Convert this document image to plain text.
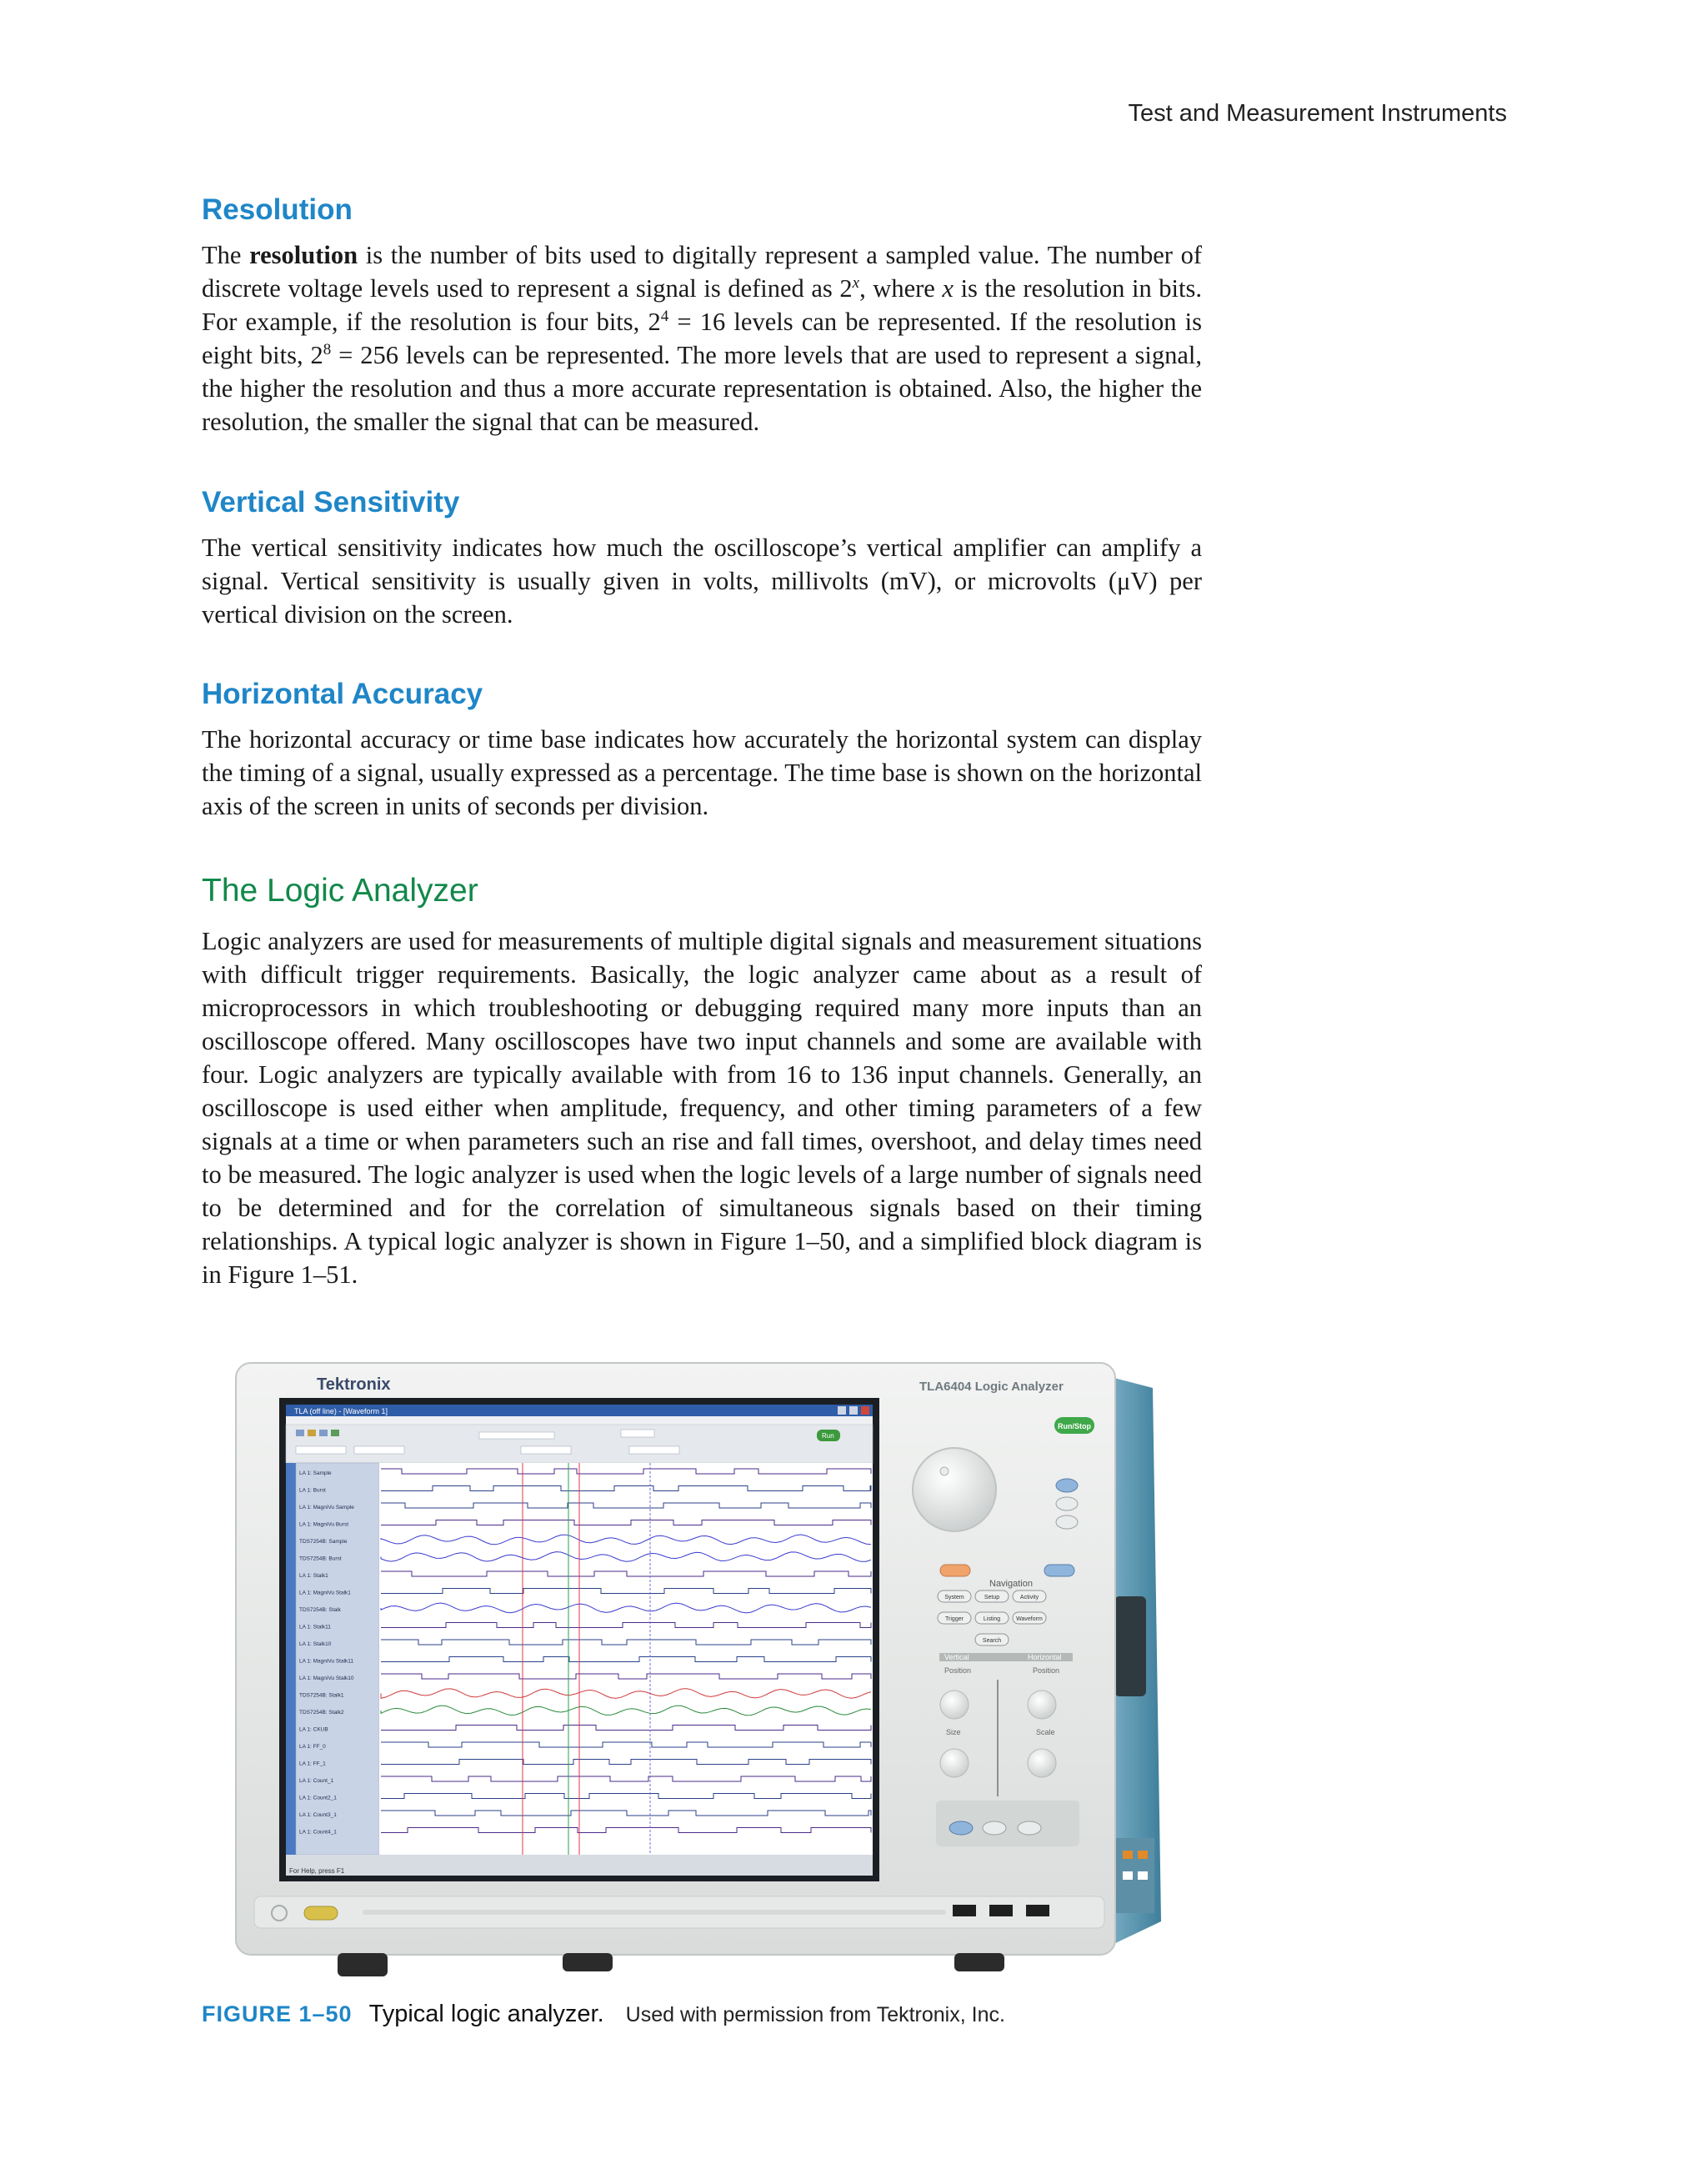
Test and Measurement Instruments
Resolution

The resolution is the number of bits used to digitally represent a sampled value. The number of discrete voltage levels used to represent a signal is defined as 2$^x$, where x is the resolution in bits. For example, if the resolution is four bits, $2^4 = 16$ levels can be represented. If the resolution is eight bits, $2^8 = 256$ levels can be represented. The more levels that are used to represent a signal, the higher the resolution and thus a more accurate representation is obtained. Also, the higher the resolution, the smaller the signal that can be measured.

Vertical Sensitivity

The vertical sensitivity indicates how much the oscilloscope’s vertical amplifier can amplify a signal. Vertical sensitivity is usually given in volts, millivolts (mV), or microvolts (μV) per vertical division on the screen.

Horizontal Accuracy

The horizontal accuracy or time base indicates how accurately the horizontal system can display the timing of a signal, usually expressed as a percentage. The time base is shown on the horizontal axis of the screen in units of seconds per division.

The Logic Analyzer

Logic analyzers are used for measurements of multiple digital signals and measurement situations with difficult trigger requirements. Basically, the logic analyzer came about as a result of microprocessors in which troubleshooting or debugging required many more inputs than an oscilloscope offered. Many oscilloscopes have two input channels and some are available with four. Logic analyzers are typically available with from 16 to 136 input channels. Generally, an oscilloscope is used either when amplitude, frequency, and other timing parameters of a few signals at a time or when parameters such an rise and fall times, overshoot, and delay times need to be measured. The logic analyzer is used when the logic levels of a large number of signals need to be determined and for the correlation of simultaneous signals based on their timing relationships. A typical logic analyzer is shown in Figure 1–50, and a simplified block diagram is in Figure 1–51.

Tektronix	TLA6404 Logic Analyzer
TLA (off line) - [Waveform 1]
Run
LA 1: Sample
LA 1: Burst
LA 1: MagniVu Sample
LA 1: MagniVu Burst
TDS7254B: Sample
TDS7254B: Burst
LA 1: Stalk1
LA 1: MagniVu Stalk1
TDS7254B: Stalk
LA 1: Stalk11
LA 1: Stalk10
LA 1: MagniVu Stalk11
LA 1: MagniVu Stalk10
TDS7254B: Stalk1
TDS7254B: Stalk2
LA 1: CKUB
LA 1: FF_0
LA 1: FF_1
LA 1: Count_1
LA 1: Count2_1
LA 1: Count3_1
LA 1: Count4_1
For Help, press F1
Run/Stop
Navigation
System	Setup	Activity
Trigger	Listing	Waveform
Search
Vertical	Horizontal
Position	Position
Size	Scale
FIGURE 1–50 Typical logic analyzer. Used with permission from Tektronix, Inc.
